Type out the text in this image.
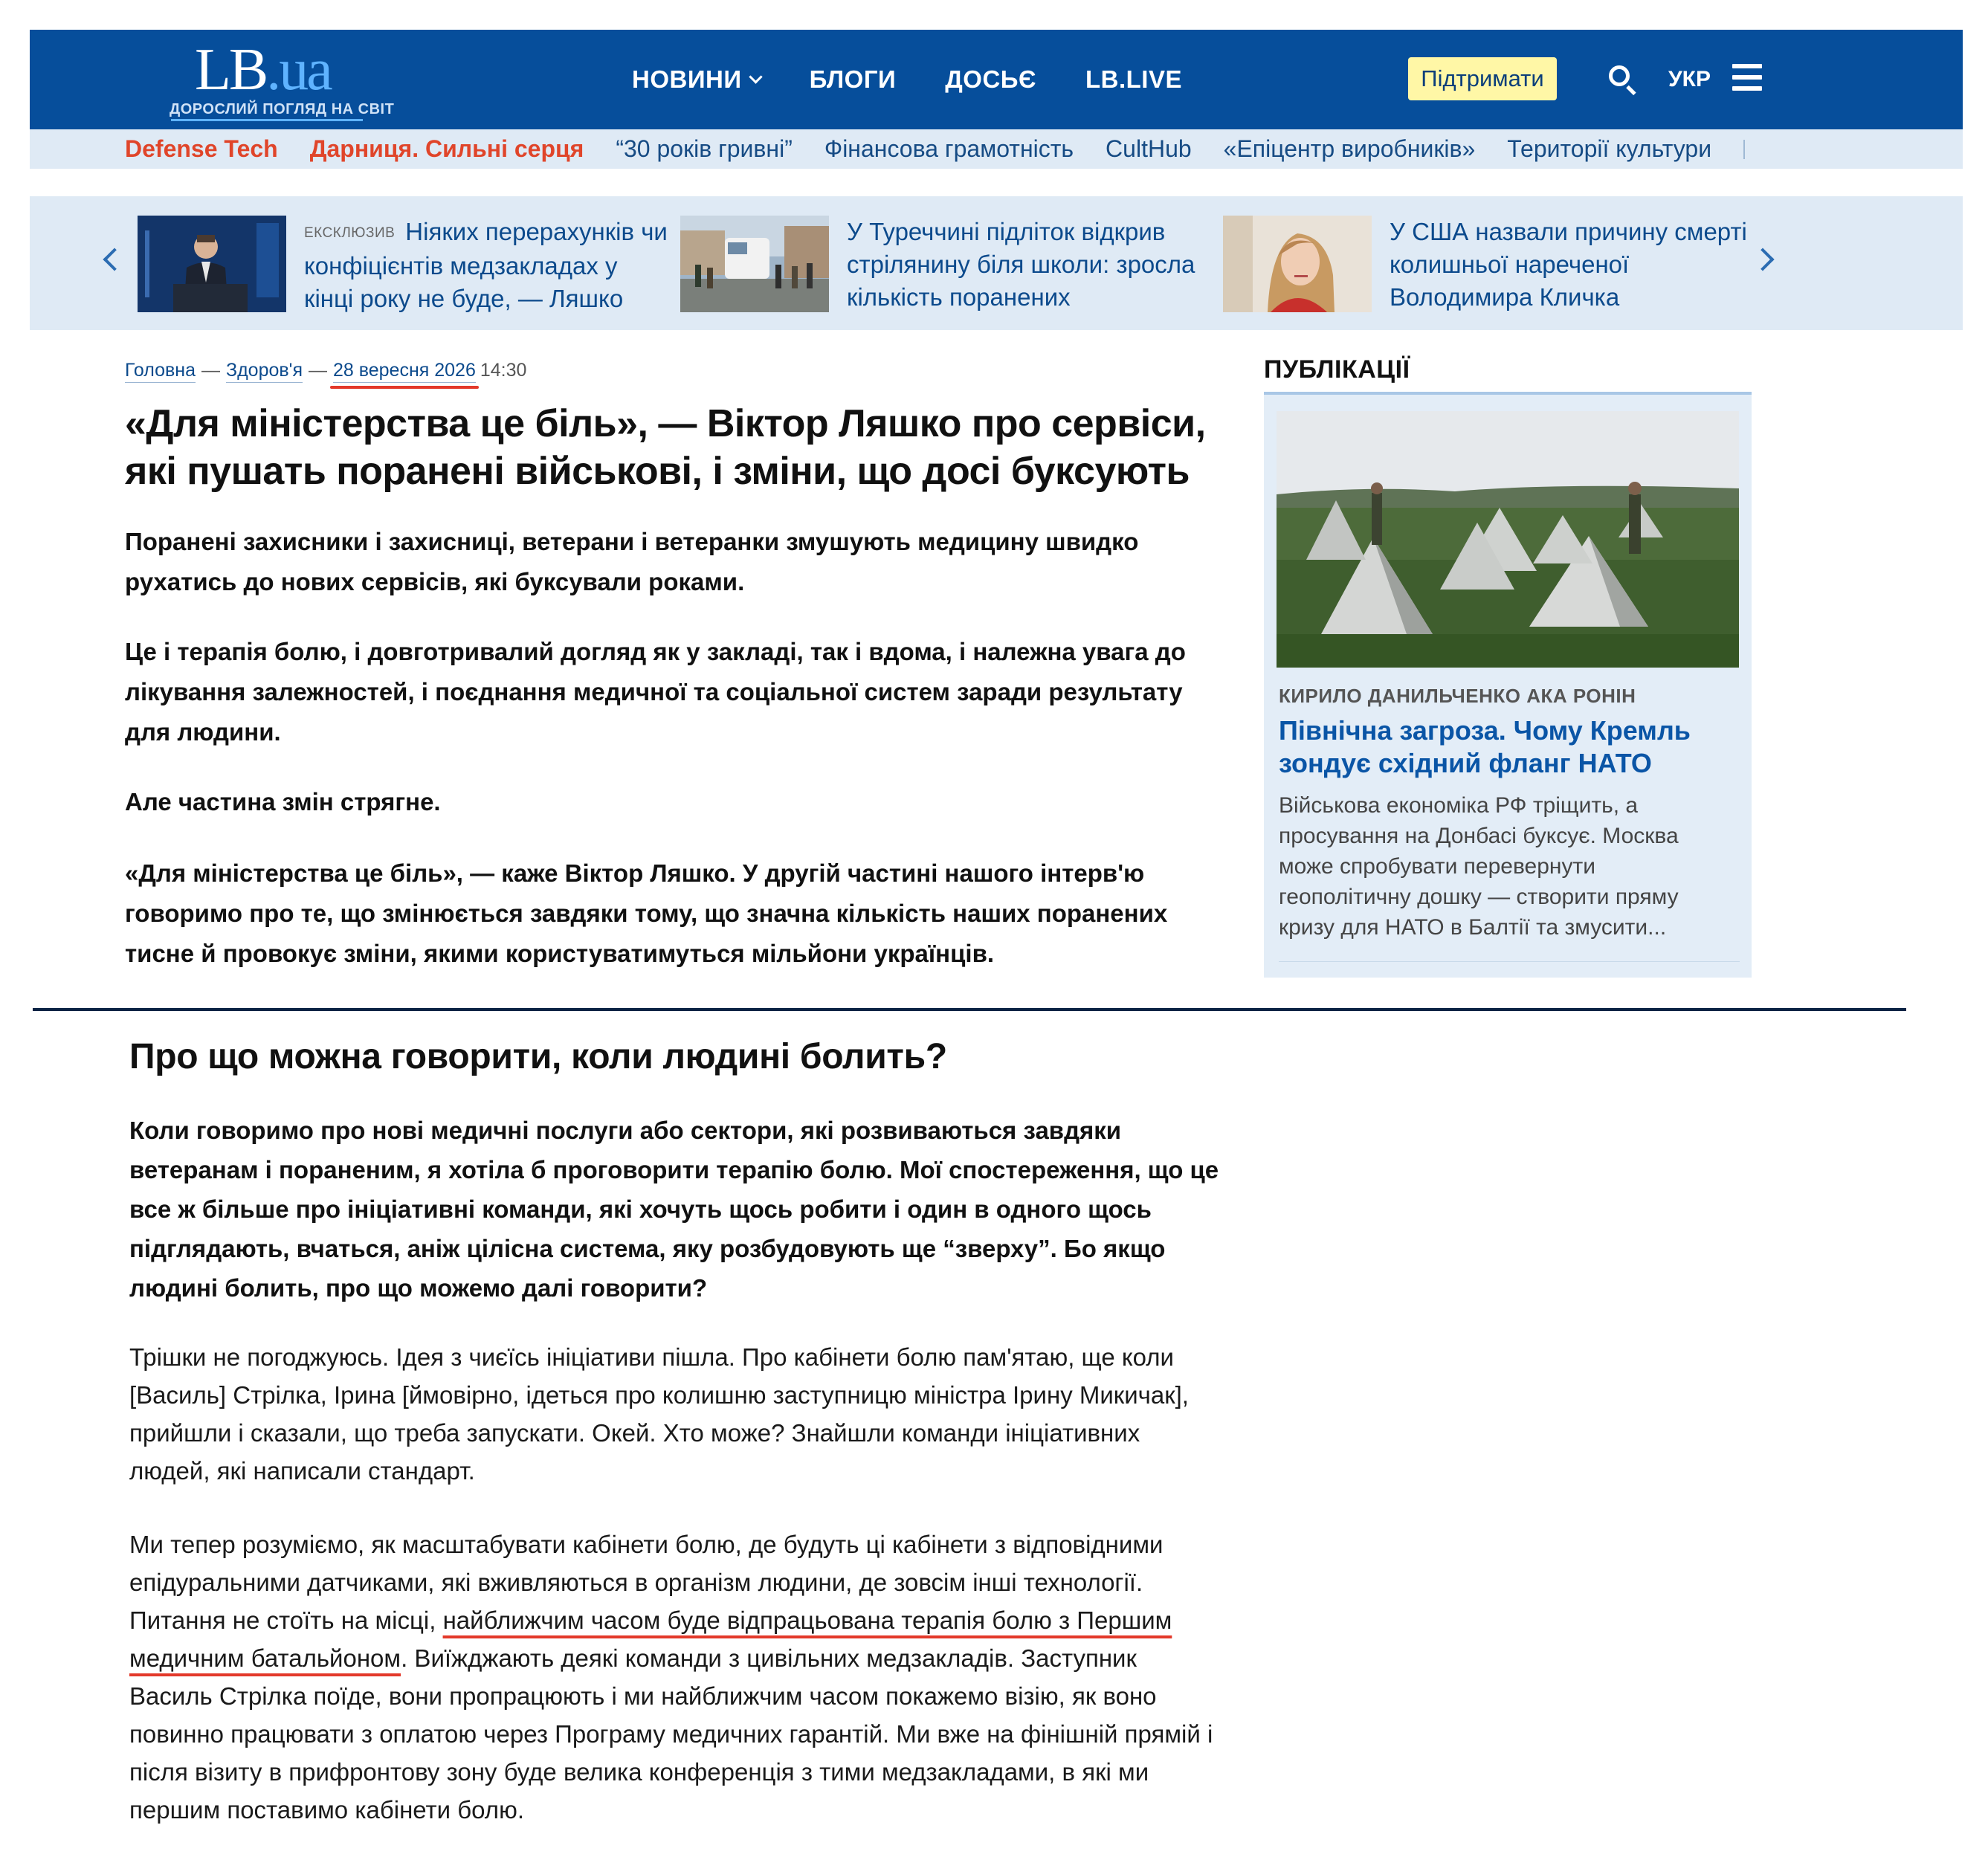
LB.ua
ДОРОСЛИЙ ПОГЛЯД НА СВІТ
НОВИНИ	БЛОГИ ДОСЬЄ LB.LIVE	Підтримати	УКР
Defense Tech Дарниця. Сильні серця “30 років гривні” Фінансова грамотність CultHub «Епіцентр виробників» Території культури
ЕКСКЛЮЗИВ Ніяких перерахунків чи конфіцієнтів медзакладах у кінці року не буде, — Ляшко
У Туреччині підліток відкрив стрілянину біля школи: зросла кількість поранених
У США назвали причину смерті колишньої нареченої Володимира Кличка
Головна — Здоров'я — 28 вересня 2026 14:30
«Для міністерства це біль», — Віктор Ляшко про сервіси, які пушать поранені військові, і зміни, що досі буксують

Поранені захисники і захисниці, ветерани і ветеранки змушують медицину швидко рухатись до нових сервісів, які буксували роками.

Це і терапія болю, і довготривалий догляд як у закладі, так і вдома, і належна увага до лікування залежностей, і поєднання медичної та соціальної систем заради результату для людини.

Але частина змін стрягне.

«Для міністерства це біль», — каже Віктор Ляшко. У другій частині нашого інтерв'ю говоримо про те, що змінюється завдяки тому, що значна кількість наших поранених тисне й провокує зміни, якими користуватимуться мільйони українців.

ПУБЛІКАЦІЇ
КИРИЛО ДАНИЛЬЧЕНКО АКА РОНІН
Північна загроза. Чому Кремль зондує східний фланг НАТО
Військова економіка РФ тріщить, а просування на Донбасі буксує. Москва може спробувати перевернути геополітичну дошку — створити пряму кризу для НАТО в Балтії та змусити...
Про що можна говорити, коли людині болить?

Коли говоримо про нові медичні послуги або сектори, які розвиваються завдяки ветеранам і пораненим, я хотіла б проговорити терапію болю. Мої спостереження, що це все ж більше про ініціативні команди, які хочуть щось робити і один в одного щось підглядають, вчаться, аніж цілісна система, яку розбудовують ще “зверху”. Бо якщо людині болить, про що можемо далі говорити?

Трішки не погоджуюсь. Ідея з чиєїсь ініціативи пішла. Про кабінети болю пам'ятаю, ще коли [Василь] Стрілка, Ірина [ймовірно, ідеться про колишню заступницю міністра Ірину Микичак], прийшли і сказали, що треба запускати. Окей. Хто може? Знайшли команди ініціативних людей, які написали стандарт.

Ми тепер розуміємо, як масштабувати кабінети болю, де будуть ці кабінети з відповідними епідуральними датчиками, які вживляються в організм людини, де зовсім інші технології. Питання не стоїть на місці, найближчим часом буде відпрацьована терапія болю з Першим медичним батальйоном. Виїжджають деякі команди з цивільних медзакладів. Заступник Василь Стрілка поїде, вони пропрацюють і ми найближчим часом покажемо візію, як воно повинно працювати з оплатою через Програму медичних гарантій. Ми вже на фінішній прямій і після візиту в прифронтову зону буде велика конференція з тими медзакладами, в які ми першим поставимо кабінети болю.
